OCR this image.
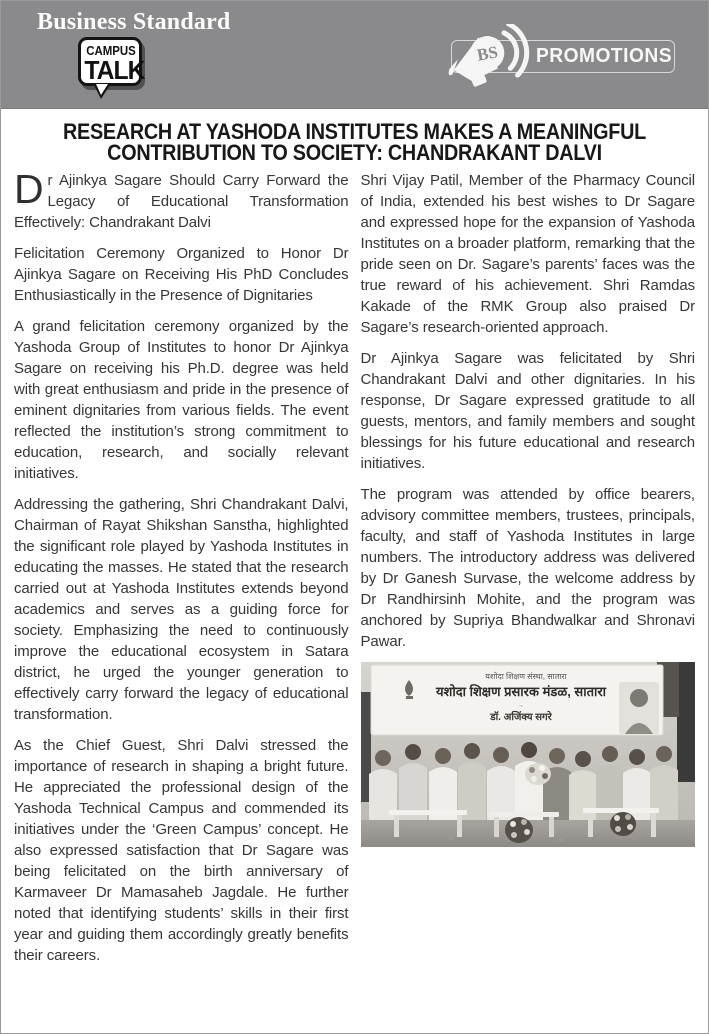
Business Standard
CAMPUS
TALK
BS PROMOTIONS
RESEARCH AT YASHODA INSTITUTES MAKES A MEANINGFUL
CONTRIBUTION TO SOCIETY: CHANDRAKANT DALVI

Dr Ajinkya Sagare Should Carry Forward the Legacy of Educational Transformation Effectively: Chandrakant Dalvi

Felicitation Ceremony Organized to Honor Dr Ajinkya Sagare on Receiving His PhD Concludes Enthusiastically in the Presence of Dignitaries

A grand felicitation ceremony organized by the Yashoda Group of Institutes to honor Dr Ajinkya Sagare on receiving his Ph.D. degree was held with great enthusiasm and pride in the presence of eminent dignitaries from various fields. The event reflected the institution’s strong commitment to education, research, and socially relevant initiatives.

Addressing the gathering, Shri Chandrakant Dalvi, Chairman of Rayat Shikshan Sanstha, highlighted the significant role played by Yashoda Institutes in educating the masses. He stated that the research carried out at Yashoda Institutes extends beyond academics and serves as a guiding force for society. Emphasizing the need to continuously improve the educational ecosystem in Satara district, he urged the younger generation to effectively carry forward the legacy of educational transformation.

As the Chief Guest, Shri Dalvi stressed the importance of research in shaping a bright future. He appreciated the professional design of the Yashoda Technical Campus and commended its initiatives under the ‘Green Campus’ concept. He also expressed satisfaction that Dr Sagare was being felicitated on the birth anniversary of Karmaveer Dr Mamasaheb Jagdale. He further noted that identifying students’ skills in their first year and guiding them accordingly greatly benefits their careers.

Shri Vijay Patil, Member of the Pharmacy Council of India, extended his best wishes to Dr Sagare and expressed hope for the expansion of Yashoda Institutes on a broader platform, remarking that the pride seen on Dr. Sagare’s parents’ faces was the true reward of his achievement. Shri Ramdas Kakade of the RMK Group also praised Dr Sagare’s research-oriented approach.

Dr Ajinkya Sagare was felicitated by Shri Chandrakant Dalvi and other dignitaries. In his response, Dr Sagare expressed gratitude to all guests, mentors, and family members and sought blessings for his future educational and research initiatives.

The program was attended by office bearers, advisory committee members, trustees, principals, faculty, and staff of Yashoda Institutes in large numbers. The introductory address was delivered by Dr Ganesh Survase, the welcome address by Dr Randhirsinh Mohite, and the program was anchored by Supriya Bhandwalkar and Shronavi Pawar.

यशोदा शिक्षण संस्था, सातारा
यशोदा शिक्षण प्रसारक मंडळ, सातारा
~
डॉ. अजिंक्य सगरे
